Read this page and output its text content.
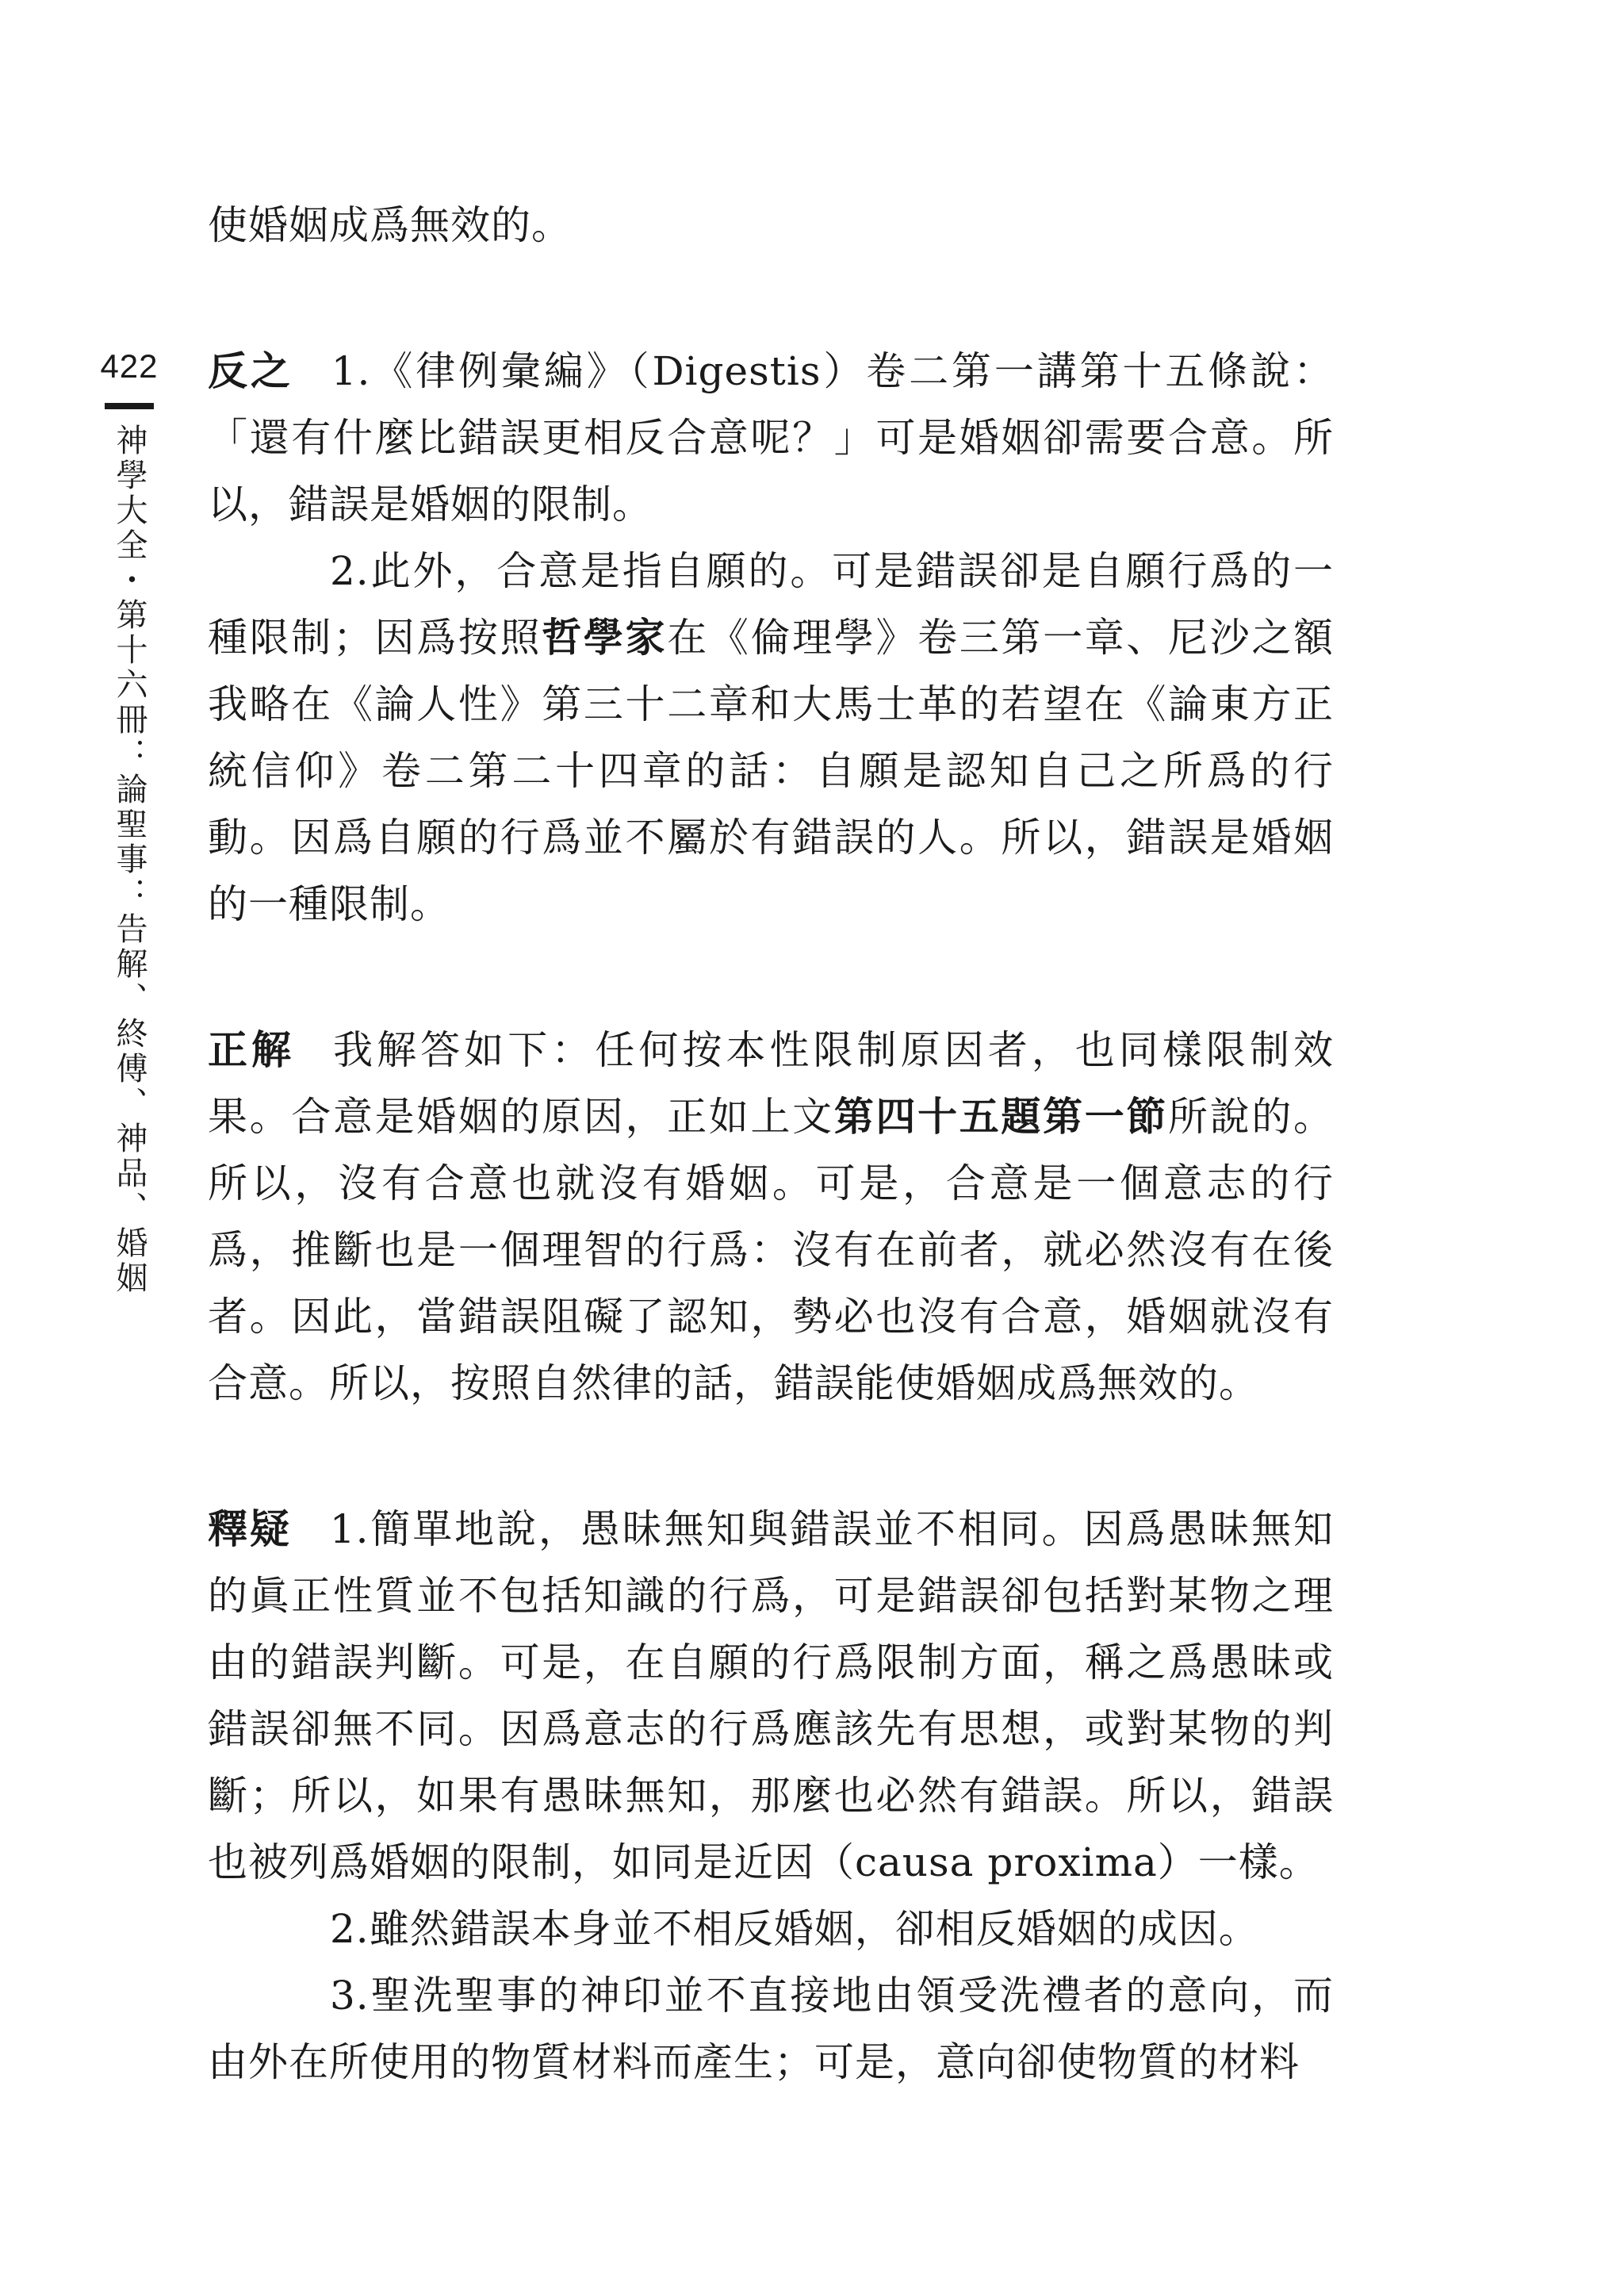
422
神學大全・第十六冊：論聖事：告解、終傅、神品、婚姻

使婚姻成爲無效的。

反之 1.《律例彙編》（Digestis）卷二第一講第十五條說：「還有什麼比錯誤更相反合意呢？」可是婚姻卻需要合意。所以，錯誤是婚姻的限制。

2.此外，合意是指自願的。可是錯誤卻是自願行爲的一種限制；因爲按照哲學家在《倫理學》卷三第一章、尼沙之額我略在《論人性》第三十二章和大馬士革的若望在《論東方正統信仰》卷二第二十四章的話：自願是認知自己之所爲的行動。因爲自願的行爲並不屬於有錯誤的人。所以，錯誤是婚姻的一種限制。

正解 我解答如下：任何按本性限制原因者，也同樣限制效果。合意是婚姻的原因，正如上文第四十五題第一節所說的。所以，沒有合意也就沒有婚姻。可是，合意是一個意志的行爲，推斷也是一個理智的行爲：沒有在前者，就必然沒有在後者。因此，當錯誤阻礙了認知，勢必也沒有合意，婚姻就沒有合意。所以，按照自然律的話，錯誤能使婚姻成爲無效的。

釋疑 1.簡單地說，愚昧無知與錯誤並不相同。因爲愚昧無知的眞正性質並不包括知識的行爲，可是錯誤卻包括對某物之理由的錯誤判斷。可是，在自願的行爲限制方面，稱之爲愚昧或錯誤卻無不同。因爲意志的行爲應該先有思想，或對某物的判斷；所以，如果有愚昧無知，那麼也必然有錯誤。所以，錯誤也被列爲婚姻的限制，如同是近因（causa proxima）一樣。

2.雖然錯誤本身並不相反婚姻，卻相反婚姻的成因。

3.聖洗聖事的神印並不直接地由領受洗禮者的意向，而由外在所使用的物質材料而產生；可是，意向卻使物質的材料
